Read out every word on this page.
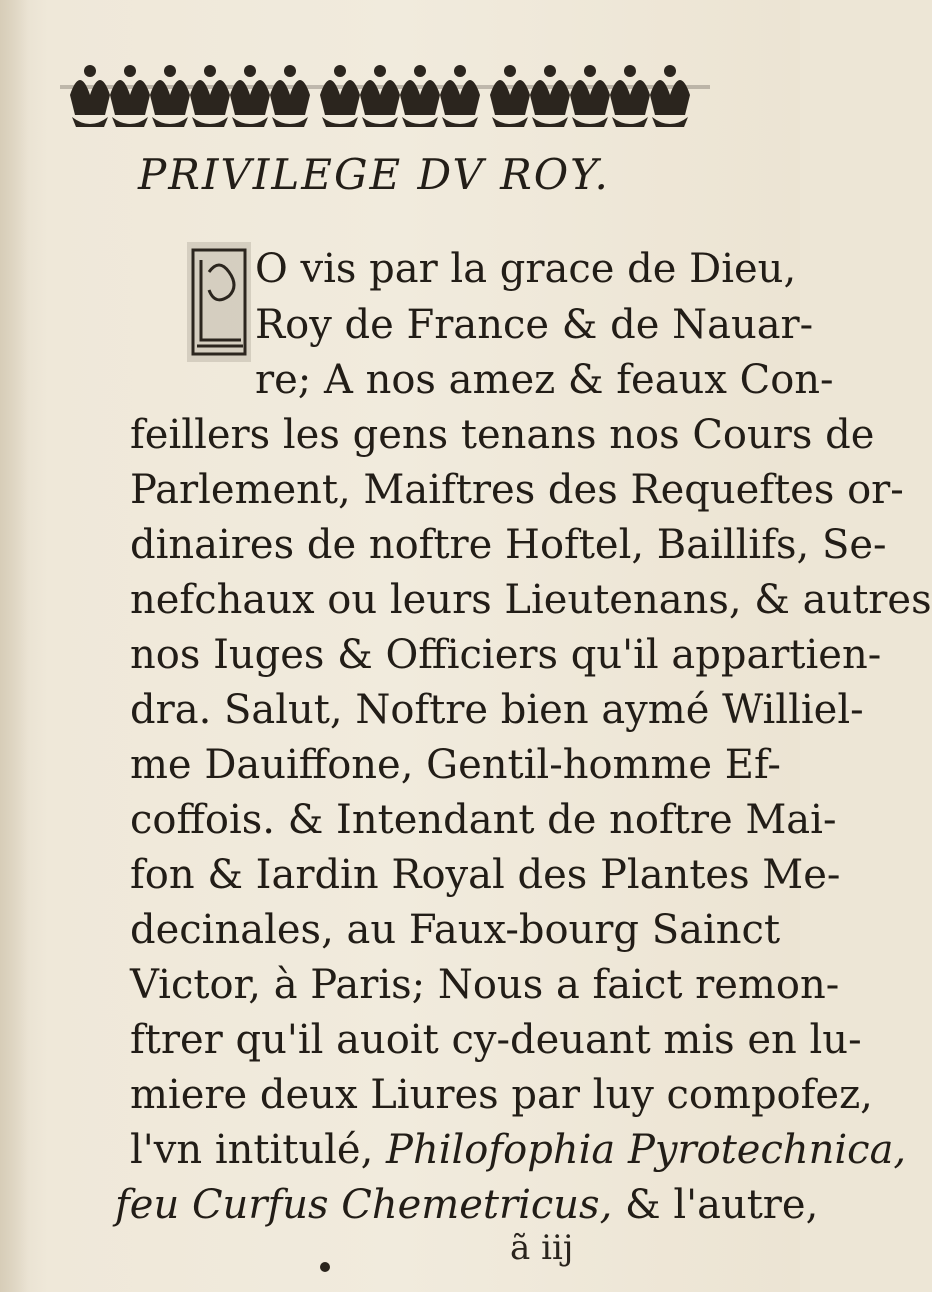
PRIVILEGE DV ROY.
O vis par la grace de Dieu,
Roy de France & de Nauar-
re; A nos amez & feaux Con-
feillers les gens tenans nos Cours de
Parlement, Maiftres des Requeftes or-
dinaires de noftre Hoftel, Baillifs, Se-
nefchaux ou leurs Lieutenans, & autres
nos Iuges & Officiers qu'il appartien-
dra. Salut, Noftre bien aymé Williel-
me Dauiffone, Gentil-homme Ef-
coffois. & Intendant de noftre Mai-
fon & Iardin Royal des Plantes Me-
decinales, au Faux-bourg Sainct
Victor, à Paris; Nous a faict remon-
ftrer qu'il auoit cy-deuant mis en lu-
miere deux Liures par luy compofez,
l'vn intitulé, Philofophia Pyrotechnica,
feu Curfus Chemetricus, & l'autre,
ã iij
